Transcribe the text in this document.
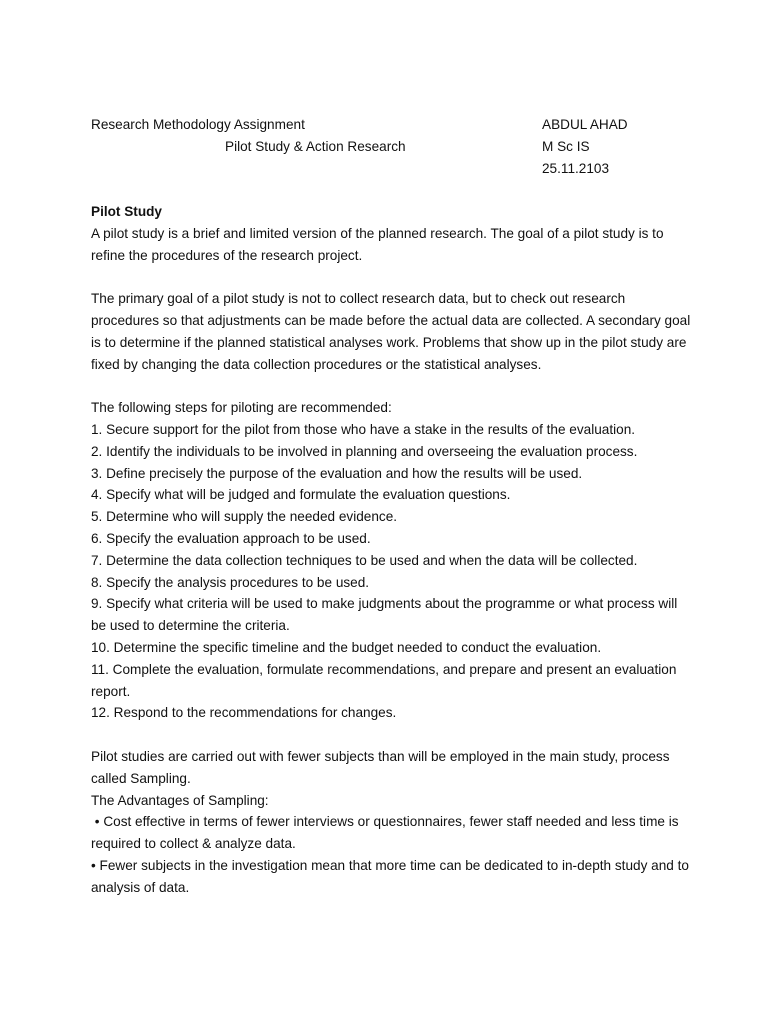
Research Methodology Assignment
Pilot Study & Action Research
ABDUL AHAD
M Sc IS
25.11.2103

Pilot Study

A pilot study is a brief and limited version of the planned research. The goal of a pilot study is to refine the procedures of the research project.

The primary goal of a pilot study is not to collect research data, but to check out research procedures so that adjustments can be made before the actual data are collected. A secondary goal is to determine if the planned statistical analyses work. Problems that show up in the pilot study are fixed by changing the data collection procedures or the statistical analyses.

The following steps for piloting are recommended:

1. Secure support for the pilot from those who have a stake in the results of the evaluation.
2. Identify the individuals to be involved in planning and overseeing the evaluation process.
3. Define precisely the purpose of the evaluation and how the results will be used.
4. Specify what will be judged and formulate the evaluation questions.
5. Determine who will supply the needed evidence.
6. Specify the evaluation approach to be used.
7. Determine the data collection techniques to be used and when the data will be collected.
8. Specify the analysis procedures to be used.
9. Specify what criteria will be used to make judgments about the programme or what process will be used to determine the criteria.
10. Determine the specific timeline and the budget needed to conduct the evaluation.
11. Complete the evaluation, formulate recommendations, and prepare and present an evaluation report.
12. Respond to the recommendations for changes.

Pilot studies are carried out with fewer subjects than will be employed in the main study, process called Sampling.

The Advantages of Sampling:

• Cost effective in terms of fewer interviews or questionnaires, fewer staff needed and less time is required to collect & analyze data.

• Fewer subjects in the investigation mean that more time can be dedicated to in-depth study and to analysis of data.
